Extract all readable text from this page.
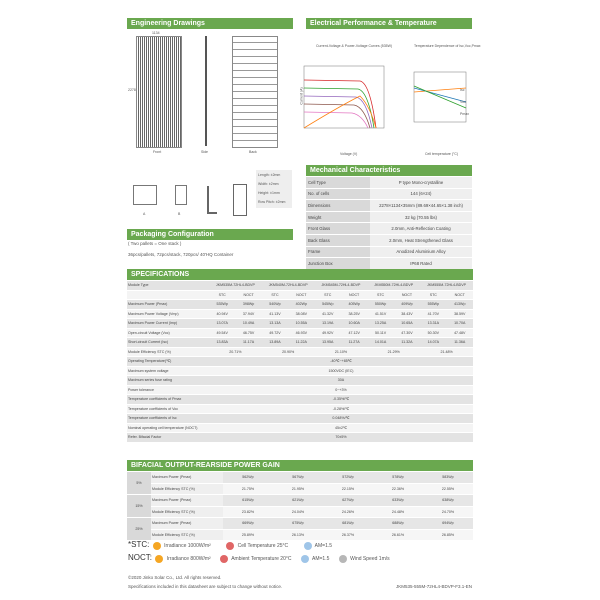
Engineering Drawings	Electrical Performance & Temperature Dependence
Front	Side	Back
1134
2278
A	B
Length: ±2mm
Width: ±2mm
Height: ±1mm
Row Pitch: ±2mm
Current-Voltage & Power-Voltage Curves (535W)
Voltage (V)
Current (A)
Temperature Dependence of Isc,Voc,Pmax
Isc
Voc
Pmax
Cell temperature (°C)
Mechanical Characteristics
Cell Type	P type Mono-crystalline
No. of cells	144 (6×24)
Dimensions	2278×1134×35mm (89.69×44.65×1.38 inch)
Weight	32 kg (70.55 lbs)
Front Glass	2.0mm, Anti-Reflection Coating
Back Glass	2.0mm, Heat Strengthened Glass
Frame	Anodized Aluminium Alloy
Junction Box	IP68 Rated

Packaging Configuration
( Two pallets = One stack )
36pcs/pallets, 72pcs/stack, 720pcs/ 40'HQ Container
SPECIFICATIONS
Module Type	JKM535M-72HL4-BDVP		JKM540M-72HL4-BDVP		JKM545M-72HL4-BDVP		JKM550M-72HL4-BDVP		JKM555M-72HL4-BDVP	
	STC	NOCT	STC	NOCT	STC	NOCT	STC	NOCT	STC	NOCT
Maximum Power (Pmax)	535Wp	398Wp	540Wp	402Wp	545Wp	405Wp	550Wp	409Wp	555Wp	413Wp
Maximum Power Voltage (Vmp)	40.94V	37.94V	41.13V	38.08V	41.32V	38.25V	41.51V	38.43V	41.70V	38.59V
Maximum Power Current (Imp)	13.07A	10.49A	13.13A	10.55A	13.19A	10.60A	13.25A	10.65A	13.31A	10.70A
Open-circuit Voltage (Voc)	49.54V	46.75V	49.72V	46.93V	49.92V	47.12V	50.11V	47.30V	50.30V	47.48V
Short-circuit Current (Isc)	13.83A	11.17A	13.89A	11.22A	13.95A	11.27A	14.01A	11.32A	14.07A	11.36A
Module Efficiency STC (%)	20.71%		20.90%		21.10%		21.29%		21.48%	
Operating Temperature(℃)	-40℃~+85℃									
Maximum system voltage	1500VDC (IEC)									
Maximum series fuse rating	30A									
Power tolerance	0~+3%									
Temperature coefficients of Pmax	-0.35%/℃									
Temperature coefficients of Voc	-0.28%/℃									
Temperature coefficients of Isc	0.048%/℃									
Nominal operating cell temperature (NOCT)	45±2℃									
Refer. Bifacial Factor	70±5%									
BIFACIAL OUTPUT-REARSIDE POWER GAIN
5%	Maximum Power (Pmax)	562Wp	567Wp	572Wp	578Wp	583Wp
	Module Efficiency STC (%)	21.75%	21.95%	22.15%	22.36%	22.55%
15%	Maximum Power (Pmax)	615Wp	621Wp	627Wp	633Wp	638Wp
	Module Efficiency STC (%)	23.82%	24.04%	24.26%	24.48%	24.70%
25%	Maximum Power (Pmax)	669Wp	675Wp	681Wp	688Wp	694Wp
	Module Efficiency STC (%)	25.89%	26.13%	26.37%	26.61%	26.85%
*STC:	Irradiance 1000W/m²	Cell Temperature 25°C	AM=1.5
NOCT:	Irradiance 800W/m²	Ambient Temperature 20°C	AM=1.5	Wind Speed 1m/s
©2020 Jinko Solar Co., Ltd. All rights reserved.
Specifications included in this datasheet are subject to change without notice.	JKM535-555M-72HL4-BDVP-F3.1-EN
